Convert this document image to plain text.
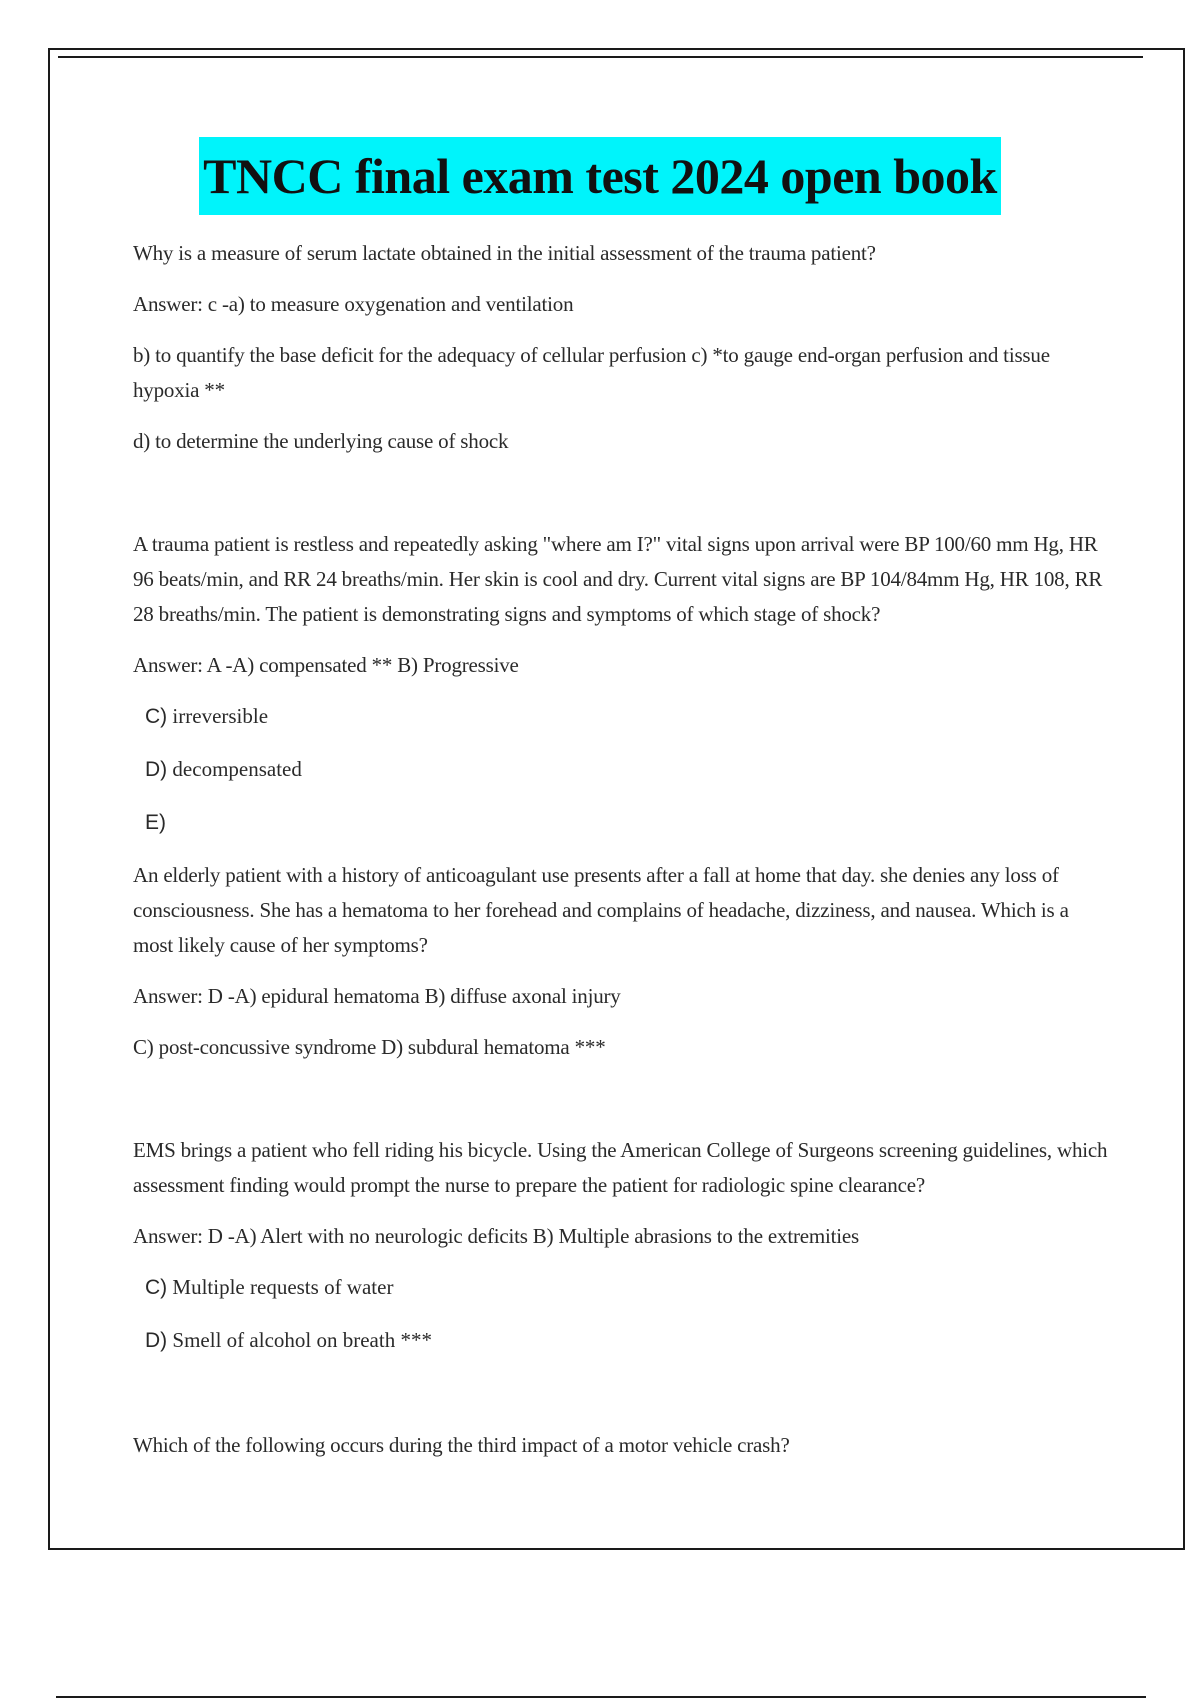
TNCC final exam test 2024 open book

Why is a measure of serum lactate obtained in the initial assessment of the trauma patient?

Answer: c -a) to measure oxygenation and ventilation

b) to quantify the base deficit for the adequacy of cellular perfusion c) *to gauge end-organ perfusion and tissue hypoxia **

d) to determine the underlying cause of shock

A trauma patient is restless and repeatedly asking "where am I?" vital signs upon arrival were BP 100/60 mm Hg, HR 96 beats/min, and RR 24 breaths/min. Her skin is cool and dry. Current vital signs are BP 104/84mm Hg, HR 108, RR 28 breaths/min. The patient is demonstrating signs and symptoms of which stage of shock?

Answer: A -A) compensated ** B) Progressive

C) irreversible
D) decompensated
E)

An elderly patient with a history of anticoagulant use presents after a fall at home that day. she denies any loss of consciousness. She has a hematoma to her forehead and complains of headache, dizziness, and nausea. Which is a most likely cause of her symptoms?

Answer: D -A) epidural hematoma B) diffuse axonal injury

C) post-concussive syndrome D) subdural hematoma ***

EMS brings a patient who fell riding his bicycle. Using the American College of Surgeons screening guidelines, which assessment finding would prompt the nurse to prepare the patient for radiologic spine clearance?

Answer: D -A) Alert with no neurologic deficits B) Multiple abrasions to the extremities

C) Multiple requests of water
D) Smell of alcohol on breath ***

Which of the following occurs during the third impact of a motor vehicle crash?
